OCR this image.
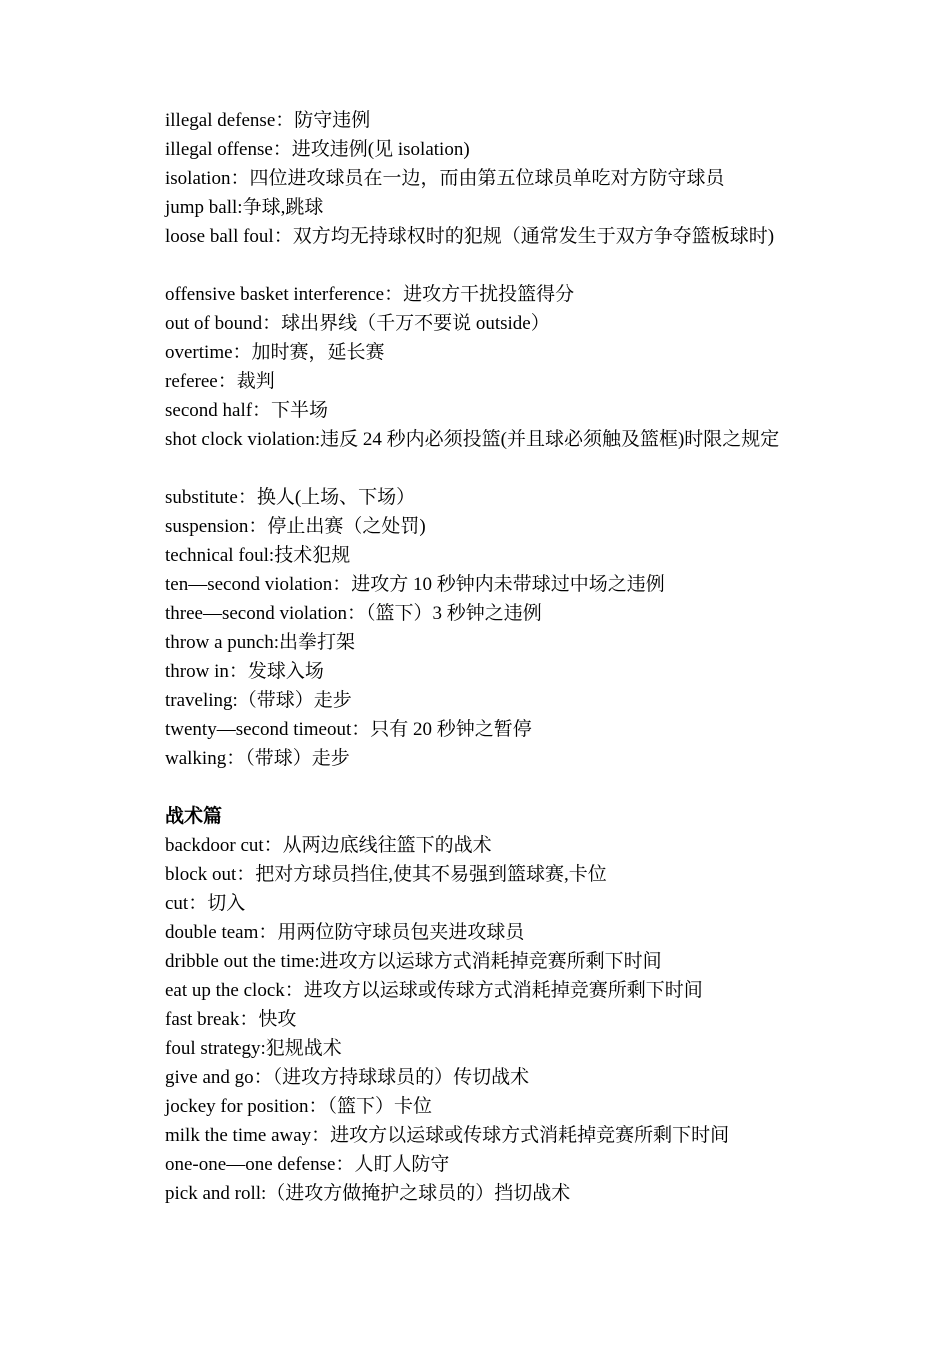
illegal defense：防守违例
illegal offense：进攻违例(见 isolation)
isolation：四位进攻球员在一边，而由第五位球员单吃对方防守球员
jump ball:争球,跳球
loose ball foul：双方均无持球权时的犯规（通常发生于双方争夺篮板球时)
offensive basket interference：进攻方干扰投篮得分
out of bound：球出界线（千万不要说 outside）
overtime：加时赛，延长赛
referee：裁判
second half：下半场
shot clock violation:违反 24 秒内必须投篮(并且球必须触及篮框)时限之规定
substitute：换人(上场、下场）
suspension：停止出赛（之处罚)
technical foul:技术犯规
ten—second violation：进攻方 10 秒钟内未带球过中场之违例
three—second violation：（篮下）3 秒钟之违例
throw a punch:出拳打架
throw in：发球入场
traveling:（带球）走步
twenty—second timeout：只有 20 秒钟之暂停
walking：（带球）走步
战术篇
backdoor cut：从两边底线往篮下的战术
block out：把对方球员挡住,使其不易强到篮球赛,卡位
cut：切入
double team：用两位防守球员包夹进攻球员
dribble out the time:进攻方以运球方式消耗掉竞赛所剩下时间
eat up the clock：进攻方以运球或传球方式消耗掉竞赛所剩下时间
fast break：快攻
foul strategy:犯规战术
give and go：（进攻方持球球员的）传切战术
jockey for position：（篮下）卡位
milk the time away：进攻方以运球或传球方式消耗掉竞赛所剩下时间
one-one—one defense：人盯人防守
pick and roll:（进攻方做掩护之球员的）挡切战术
